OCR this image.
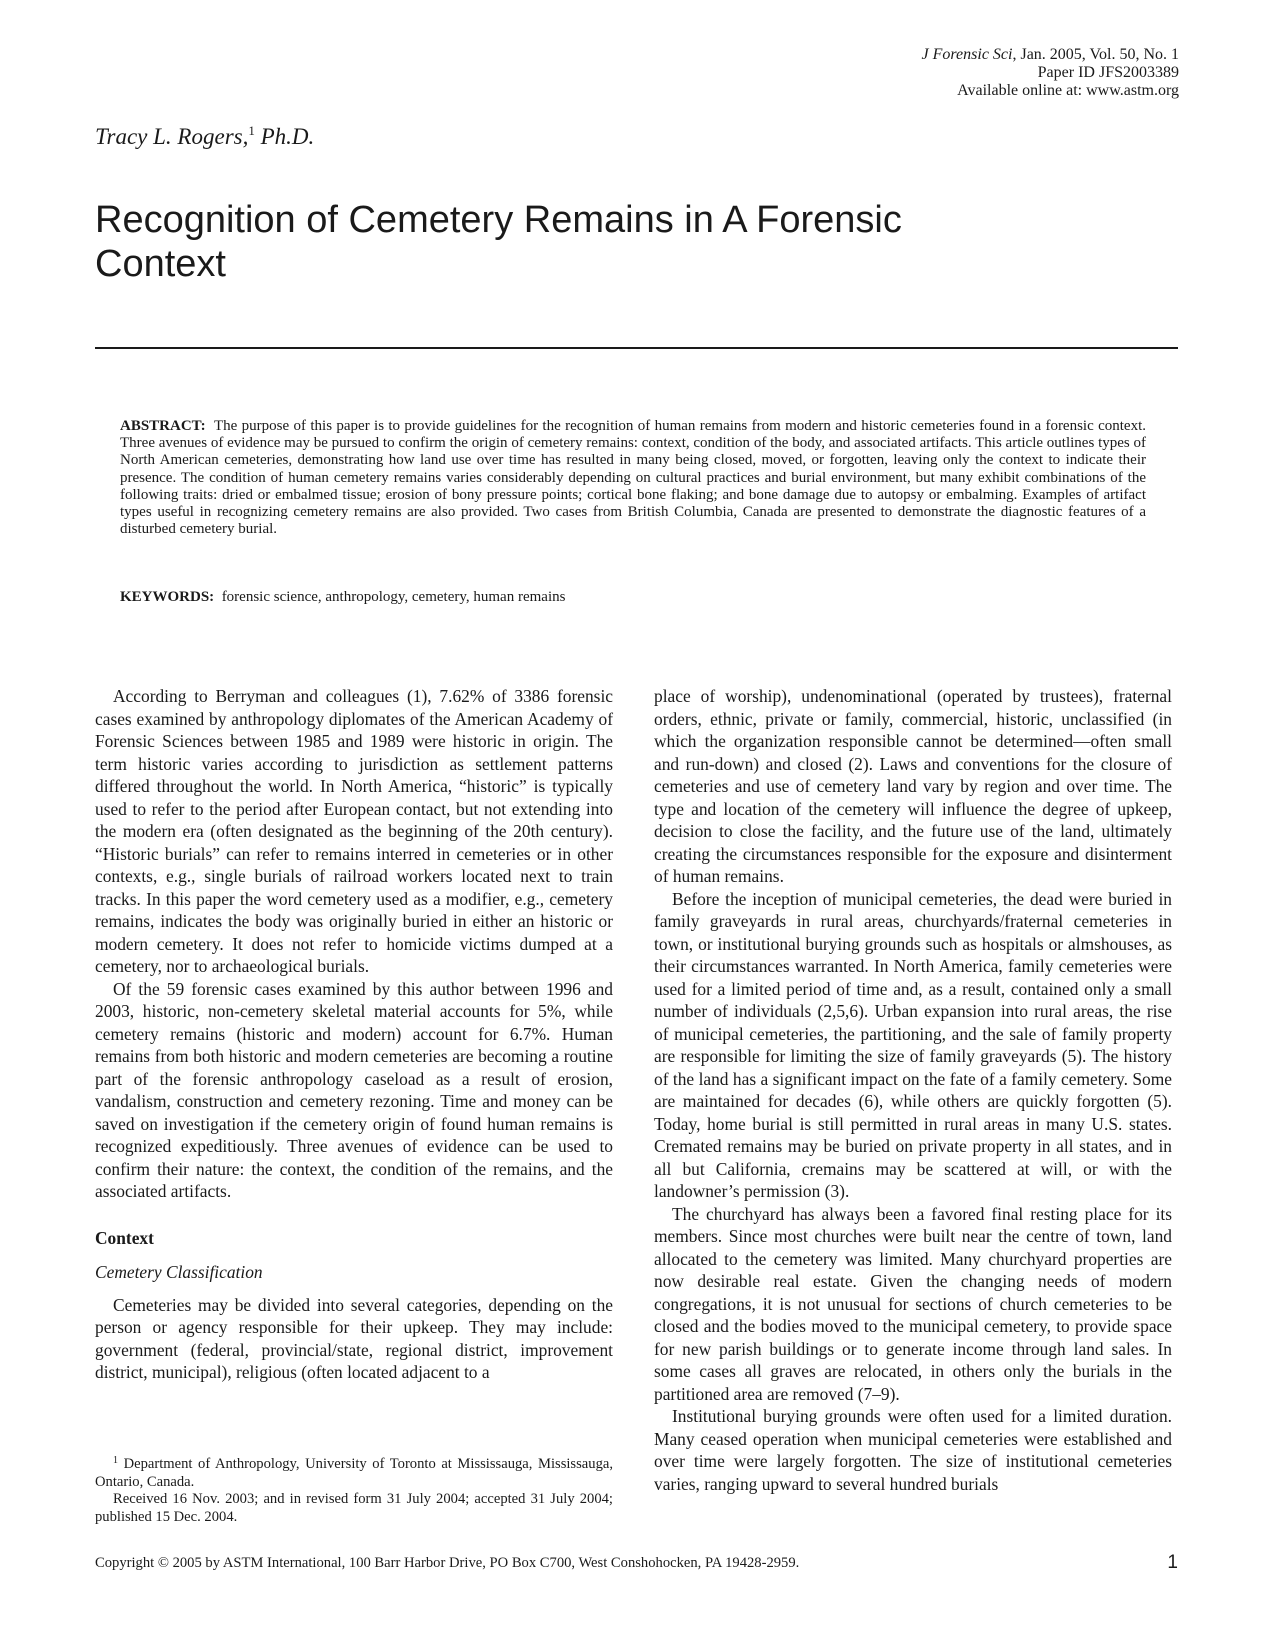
J Forensic Sci, Jan. 2005, Vol. 50, No. 1
Paper ID JFS2003389
Available online at: www.astm.org
Tracy L. Rogers,$^1$ Ph.D.
Recognition of Cemetery Remains in A Forensic Context

ABSTRACT: The purpose of this paper is to provide guidelines for the recognition of human remains from modern and historic cemeteries found in a forensic context. Three avenues of evidence may be pursued to confirm the origin of cemetery remains: context, condition of the body, and associated artifacts. This article outlines types of North American cemeteries, demonstrating how land use over time has resulted in many being closed, moved, or forgotten, leaving only the context to indicate their presence. The condition of human cemetery remains varies considerably depending on cultural practices and burial environment, but many exhibit combinations of the following traits: dried or embalmed tissue; erosion of bony pressure points; cortical bone flaking; and bone damage due to autopsy or embalming. Examples of artifact types useful in recognizing cemetery remains are also provided. Two cases from British Columbia, Canada are presented to demonstrate the diagnostic features of a disturbed cemetery burial.

KEYWORDS: forensic science, anthropology, cemetery, human remains

According to Berryman and colleagues (1), 7.62% of 3386 forensic cases examined by anthropology diplomates of the American Academy of Forensic Sciences between 1985 and 1989 were historic in origin. The term historic varies according to jurisdiction as settlement patterns differed throughout the world. In North America, “historic” is typically used to refer to the period after European contact, but not extending into the modern era (often designated as the beginning of the 20th century). “Historic burials” can refer to remains interred in cemeteries or in other contexts, e.g., single burials of railroad workers located next to train tracks. In this paper the word cemetery used as a modifier, e.g., cemetery remains, indicates the body was originally buried in either an historic or modern cemetery. It does not refer to homicide victims dumped at a cemetery, nor to archaeological burials.

Of the 59 forensic cases examined by this author between 1996 and 2003, historic, non-cemetery skeletal material accounts for 5%, while cemetery remains (historic and modern) account for 6.7%. Human remains from both historic and modern cemeteries are becoming a routine part of the forensic anthropology caseload as a result of erosion, vandalism, construction and cemetery rezoning. Time and money can be saved on investigation if the cemetery origin of found human remains is recognized expeditiously. Three avenues of evidence can be used to confirm their nature: the context, the condition of the remains, and the associated artifacts.

Context
Cemetery Classification

Cemeteries may be divided into several categories, depending on the person or agency responsible for their upkeep. They may include: government (federal, provincial/state, regional district, improvement district, municipal), religious (often located adjacent to a

place of worship), undenominational (operated by trustees), fraternal orders, ethnic, private or family, commercial, historic, unclassified (in which the organization responsible cannot be determined—often small and run-down) and closed (2). Laws and conventions for the closure of cemeteries and use of cemetery land vary by region and over time. The type and location of the cemetery will influence the degree of upkeep, decision to close the facility, and the future use of the land, ultimately creating the circumstances responsible for the exposure and disinterment of human remains.

Before the inception of municipal cemeteries, the dead were buried in family graveyards in rural areas, churchyards/fraternal cemeteries in town, or institutional burying grounds such as hospitals or almshouses, as their circumstances warranted. In North America, family cemeteries were used for a limited period of time and, as a result, contained only a small number of individuals (2,5,6). Urban expansion into rural areas, the rise of municipal cemeteries, the partitioning, and the sale of family property are responsible for limiting the size of family graveyards (5). The history of the land has a significant impact on the fate of a family cemetery. Some are maintained for decades (6), while others are quickly forgotten (5). Today, home burial is still permitted in rural areas in many U.S. states. Cremated remains may be buried on private property in all states, and in all but California, cremains may be scattered at will, or with the landowner’s permission (3).

The churchyard has always been a favored final resting place for its members. Since most churches were built near the centre of town, land allocated to the cemetery was limited. Many churchyard properties are now desirable real estate. Given the changing needs of modern congregations, it is not unusual for sections of church cemeteries to be closed and the bodies moved to the municipal cemetery, to provide space for new parish buildings or to generate income through land sales. In some cases all graves are relocated, in others only the burials in the partitioned area are removed (7–9).

Institutional burying grounds were often used for a limited duration. Many ceased operation when municipal cemeteries were established and over time were largely forgotten. The size of institutional cemeteries varies, ranging upward to several hundred burials

$^1$ Department of Anthropology, University of Toronto at Mississauga, Mississauga, Ontario, Canada.

Received 16 Nov. 2003; and in revised form 31 July 2004; accepted 31 July 2004; published 15 Dec. 2004.

Copyright © 2005 by ASTM International, 100 Barr Harbor Drive, PO Box C700, West Conshohocken, PA 19428-2959.	1
